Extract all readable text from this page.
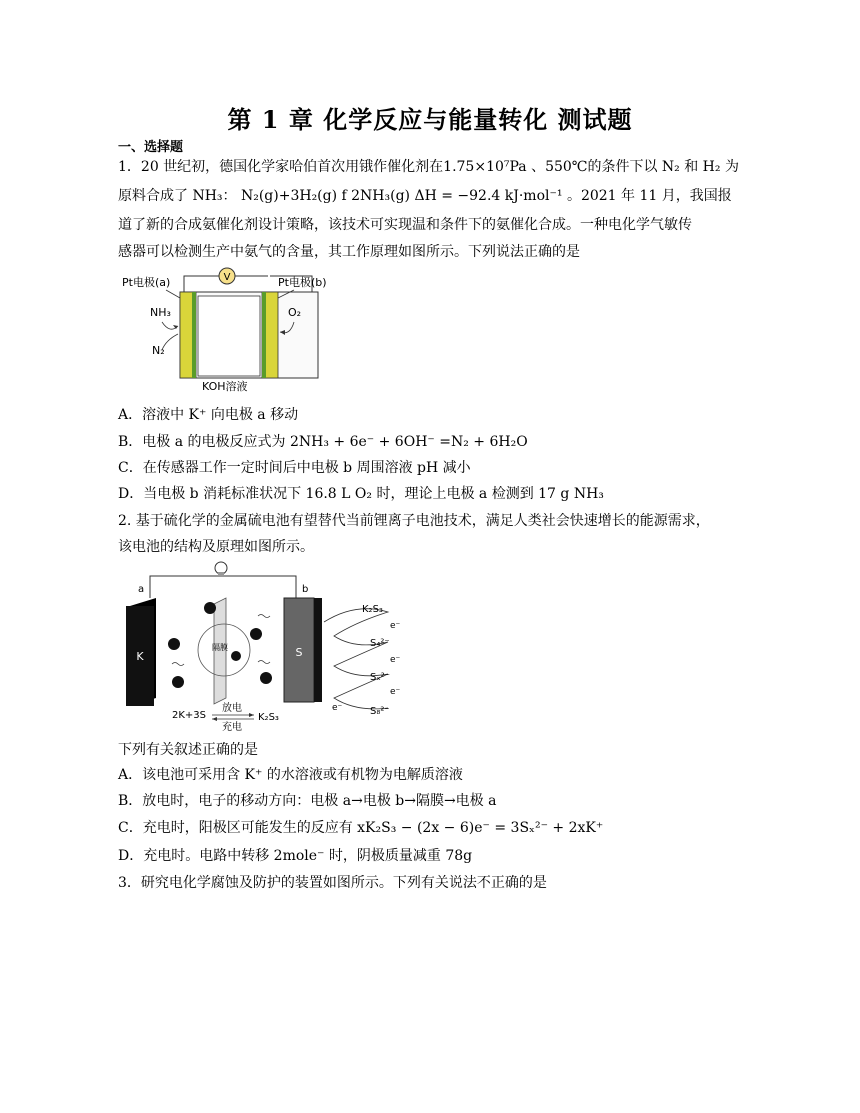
第 1 章 化学反应与能量转化 测试题
一、选择题
1．20 世纪初，德国化学家哈伯首次用锇作催化剂在1.75×10⁷Pa 、550℃的条件下以 N₂ 和 H₂ 为
原料合成了 NH₃： N₂(g)+3H₂(g) f 2NH₃(g) ΔH = −92.4 kJ·mol⁻¹ 。2021 年 11 月，我国报
道了新的合成氨催化剂设计策略，该技术可实现温和条件下的氨催化合成。一种电化学气敏传
感器可以检测生产中氨气的含量，其工作原理如图所示。下列说法正确的是
V
Pt电极(a)	Pt电极(b)
NH₃
N₂
O₂
KOH溶液
A．溶液中 K⁺ 向电极 a 移动
B．电极 a 的电极反应式为 2NH₃ + 6e⁻ + 6OH⁻ =N₂ + 6H₂O
C．在传感器工作一定时间后中电极 b 周围溶液 pH 减小
D．当电极 b 消耗标准状况下 16.8 L O₂ 时，理论上电极 a 检测到 17 g NH₃
2. 基于硫化学的金属硫电池有望替代当前锂离子电池技术，满足人类社会快速增长的能源需求，
该电池的结构及原理如图所示。
a	b
K	S
隔膜
K₂S₃
e⁻
S₄²⁻
e⁻
Sₓ²⁻
e⁻
S₈²⁻
e⁻
2K+3S
放电
充电
K₂S₃
下列有关叙述正确的是
A．该电池可采用含 K⁺ 的水溶液或有机物为电解质溶液
B．放电时，电子的移动方向：电极 a→电极 b→隔膜→电极 a
C．充电时，阳极区可能发生的反应有 xK₂S₃ − (2x − 6)e⁻ = 3Sₓ²⁻ + 2xK⁺
D．充电时。电路中转移 2mole⁻ 时，阴极质量减重 78g
3．研究电化学腐蚀及防护的装置如图所示。下列有关说法不正确的是
